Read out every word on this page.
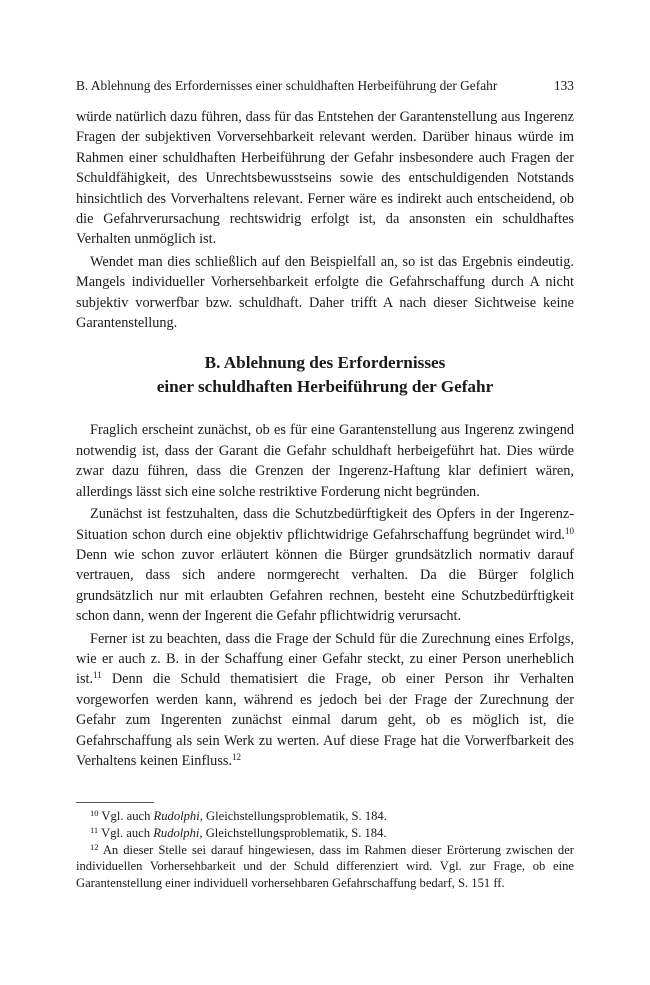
B. Ablehnung des Erfordernisses einer schuldhaften Herbeiführung der Gefahr	133

würde natürlich dazu führen, dass für das Entstehen der Garantenstellung aus Ingerenz Fragen der subjektiven Vorversehbarkeit relevant werden. Darüber hinaus würde im Rahmen einer schuldhaften Herbeiführung der Gefahr insbesondere auch Fragen der Schuldfähigkeit, des Unrechtsbewusstseins sowie des entschuldigenden Notstands hinsichtlich des Vorverhaltens relevant. Ferner wäre es indirekt auch entscheidend, ob die Gefahrverursachung rechtswidrig erfolgt ist, da ansonsten ein schuldhaftes Verhalten unmöglich ist.

Wendet man dies schließlich auf den Beispielfall an, so ist das Ergebnis eindeutig. Mangels individueller Vorhersehbarkeit erfolgte die Gefahrschaffung durch A nicht subjektiv vorwerfbar bzw. schuldhaft. Daher trifft A nach dieser Sichtweise keine Garantenstellung.

B. Ablehnung des Erfordernisses
einer schuldhaften Herbeiführung der Gefahr

Fraglich erscheint zunächst, ob es für eine Garantenstellung aus Ingerenz zwingend notwendig ist, dass der Garant die Gefahr schuldhaft herbeigeführt hat. Dies würde zwar dazu führen, dass die Grenzen der Ingerenz-Haftung klar definiert wären, allerdings lässt sich eine solche restriktive Forderung nicht begründen.

Zunächst ist festzuhalten, dass die Schutzbedürftigkeit des Opfers in der Ingerenz-Situation schon durch eine objektiv pflichtwidrige Gefahrschaffung begründet wird.$^{10}$ Denn wie schon zuvor erläutert können die Bürger grundsätzlich normativ darauf vertrauen, dass sich andere normgerecht verhalten. Da die Bürger folglich grundsätzlich nur mit erlaubten Gefahren rechnen, besteht eine Schutzbedürftigkeit schon dann, wenn der Ingerent die Gefahr pflichtwidrig verursacht.

Ferner ist zu beachten, dass die Frage der Schuld für die Zurechnung eines Erfolgs, wie er auch z. B. in der Schaffung einer Gefahr steckt, zu einer Person unerheblich ist.$^{11}$ Denn die Schuld thematisiert die Frage, ob einer Person ihr Verhalten vorgeworfen werden kann, während es jedoch bei der Frage der Zurechnung der Gefahr zum Ingerenten zunächst einmal darum geht, ob es möglich ist, die Gefahrschaffung als sein Werk zu werten. Auf diese Frage hat die Vorwerfbarkeit des Verhaltens keinen Einfluss.$^{12}$

$^{10}$ Vgl. auch Rudolphi, Gleichstellungsproblematik, S. 184.

$^{11}$ Vgl. auch Rudolphi, Gleichstellungsproblematik, S. 184.

$^{12}$ An dieser Stelle sei darauf hingewiesen, dass im Rahmen dieser Erörterung zwischen der individuellen Vorhersehbarkeit und der Schuld differenziert wird. Vgl. zur Frage, ob eine Garantenstellung einer individuell vorhersehbaren Gefahrschaffung bedarf, S. 151 ff.
